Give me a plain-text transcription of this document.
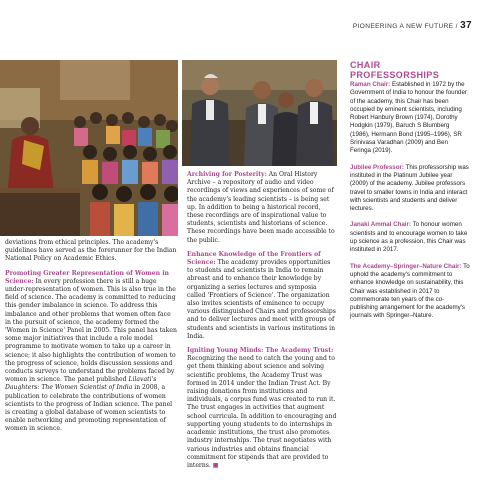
PIONEERING A NEW FUTURE / 37

deviations from ethical principles. The academy's guidelines have served as the forerunner for the Indian National Policy on Academic Ethics.

Promoting Greater Representation of Women in Science: In every profession there is still a huge under-representation of women. This is also true in the field of science. The academy is committed to reducing this gender imbalance in science. To address this imbalance and other problems that women often face in the pursuit of science, the academy formed the 'Women in Science' Panel in 2005. This panel has taken some major initiatives that include a role model programme to motivate women to take up a career in science; it also highlights the contribution of women to the progress of science, holds discussion sessions and conducts surveys to understand the problems faced by women in science. The panel published Lilavati's Daughters: The Women Scientist of India in 2008, a publication to celebrate the contributions of women scientists to the progress of Indian science. The panel is creating a global database of women scientists to enable networking and promoting representation of women in science.

Archiving for Posterity: An Oral History Archive – a repository of audio and video recordings of views and experiences of some of the academy's leading scientists – is being set up. In addition to being a historical record, these recordings are of inspirational value to students, scientists and historians of science. These recordings have been made accessible to the public.

Enhance Knowledge of the Frontiers of Science: The academy provides opportunities to students and scientists in India to remain abreast and to enhance their knowledge by organizing a series lectures and symposia called 'Frontiers of Science'. The organization also invites scientists of eminence to occupy various distinguished Chairs and professorships and to deliver lectures and meet with groups of students and scientists in various institutions in India.

Igniting Young Minds: The Academy Trust: Recognizing the need to catch the young and to get them thinking about science and solving scientific problems, the Academy Trust was formed in 2014 under the Indian Trust Act. By raising donations from institutions and individuals, a corpus fund was created to run it. The trust engages in activities that augment school curricula. In addition to encouraging and supporting young students to do internships in academic institutions, the trust also promotes industry internships. The trust negotiates with various industries and obtains financial commitment for stipends that are provided to interns. ■

CHAIR
PROFESSORSHIPS

Raman Chair: Established in 1972 by the Government of India to honour the founder of the academy, this Chair has been occupied by eminent scientists, including Robert Hanbury Brown (1974), Dorothy Hodgkin (1979), Baruch S Blumberg (1986), Hermann Bond (1995–1996), SR Srinivasa Varadhan (2009) and Ben Feringa (2019).

Jubilee Professor: This professorship was instituted in the Platinum Jubilee year (2009) of the academy. Jubilee professors travel to smaller towns in India and interact with scientists and students and deliver lectures.

Janaki Ammal Chair: To honour women scientists and to encourage women to take up science as a profession, this Chair was instituted in 2017.

The Academy–Springer–Nature Chair: To uphold the academy's commitment to enhance knowledge on sustainability, this Chair was established in 2017 to commemorate ten years of the co-publishing arrangement for the academy's journals with Springer–Nature.
